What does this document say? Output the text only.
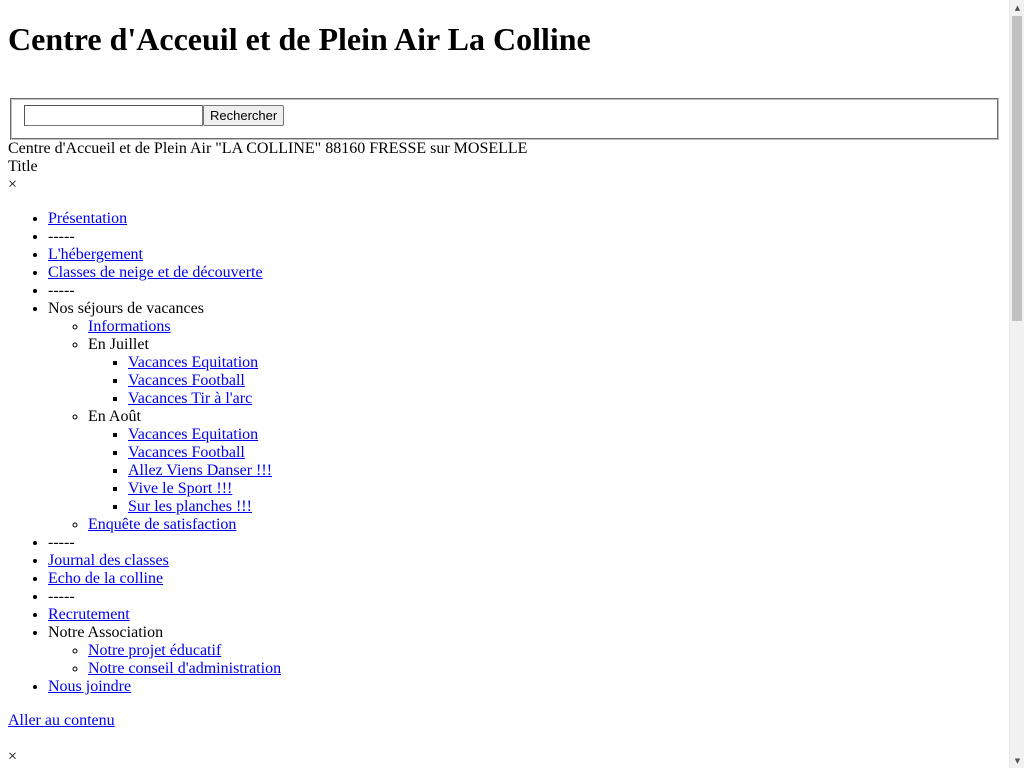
Centre d'Acceuil et de Plein Air La Colline
Rechercher
Centre d'Accueil et de Plein Air "LA COLLINE" 88160 FRESSE sur MOSELLE
Title
×
• Présentation
• -----
• L'hébergement
• Classes de neige et de découverte
• -----
• Nos séjours de vacances
◦ Informations
◦ En Juillet
▪ Vacances Equitation
▪ Vacances Football
▪ Vacances Tir à l'arc
◦ En Août
▪ Vacances Equitation
▪ Vacances Football
▪ Allez Viens Danser !!!
▪ Vive le Sport !!!
▪ Sur les planches !!!
◦ Enquête de satisfaction
• -----
• Journal des classes
• Echo de la colline
• -----
• Recrutement
• Notre Association
◦ Notre projet éducatif
◦ Notre conseil d'administration
• Nous joindre
Aller au contenu
×
▲
▼
